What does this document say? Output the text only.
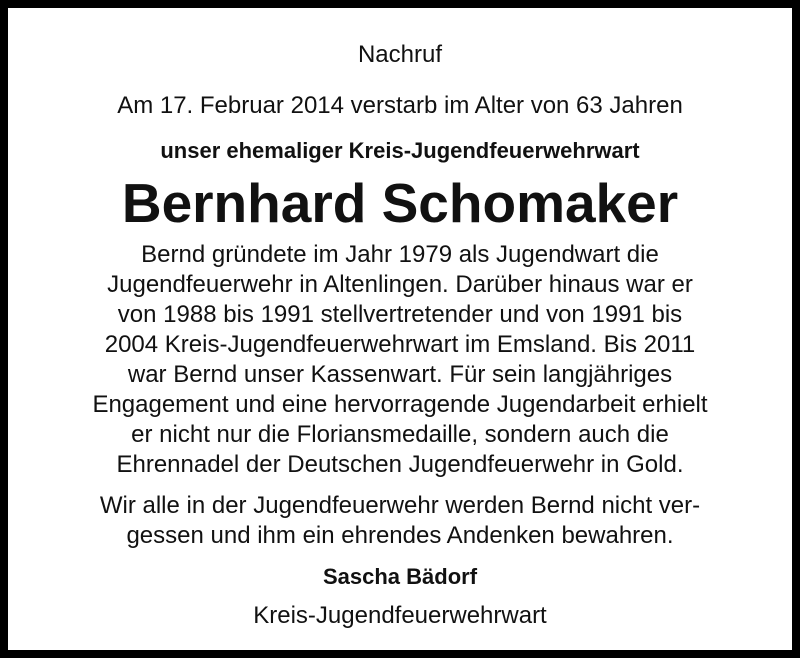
Nachruf
Am 17. Februar 2014 verstarb im Alter von 63 Jahren
unser ehemaliger Kreis-Jugendfeuerwehrwart
Bernhard Schomaker
Bernd gründete im Jahr 1979 als Jugendwart die
Jugendfeuerwehr in Altenlingen. Darüber hinaus war er
von 1988 bis 1991 stellvertretender und von 1991 bis
2004 Kreis-Jugendfeuerwehrwart im Emsland. Bis 2011
war Bernd unser Kassenwart. Für sein langjähriges
Engagement und eine hervorragende Jugendarbeit erhielt
er nicht nur die Floriansmedaille, sondern auch die
Ehrennadel der Deutschen Jugendfeuerwehr in Gold.
Wir alle in der Jugendfeuerwehr werden Bernd nicht ver-
gessen und ihm ein ehrendes Andenken bewahren.
Sascha Bädorf
Kreis-Jugendfeuerwehrwart
